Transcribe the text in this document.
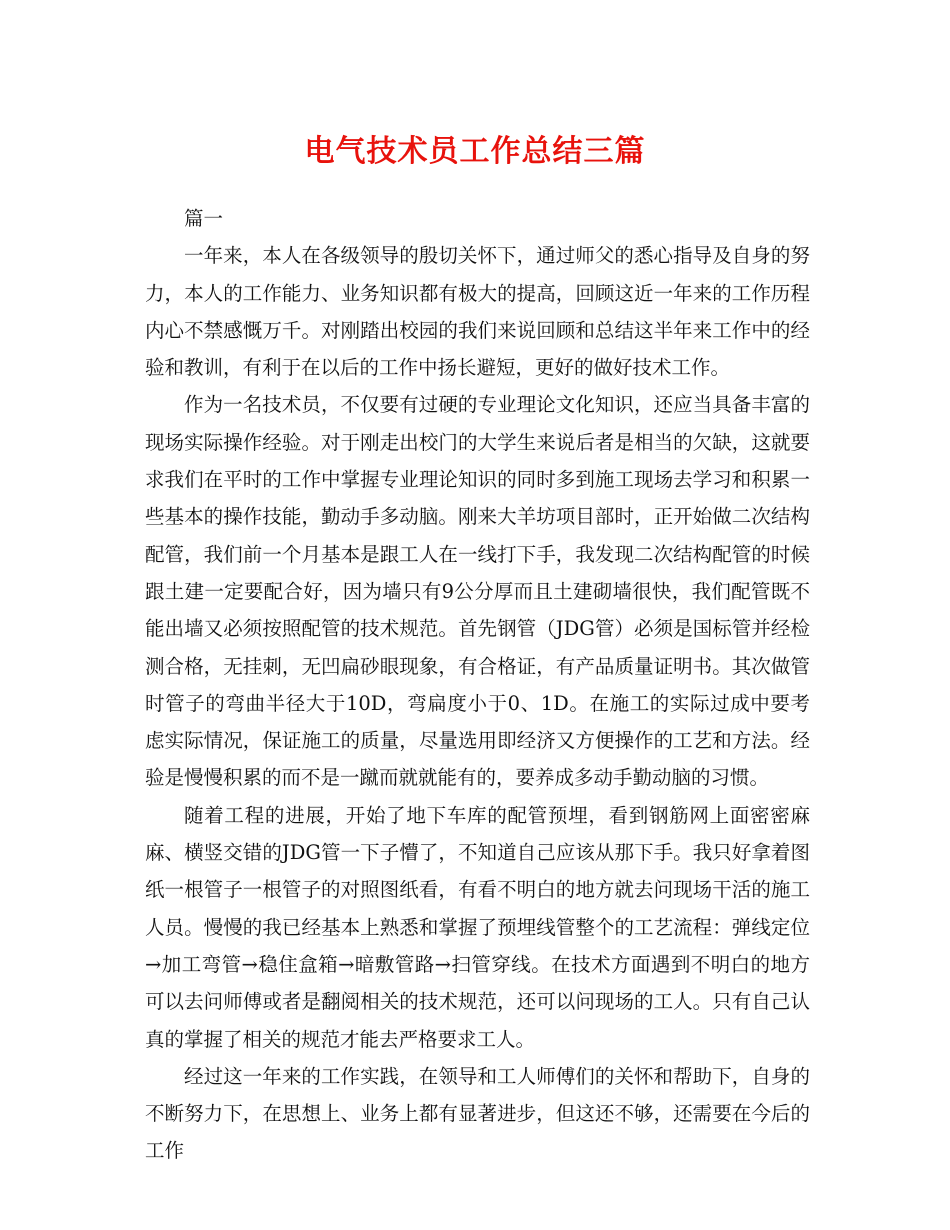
电气技术员工作总结三篇

篇一

一年来，本人在各级领导的殷切关怀下，通过师父的悉心指导及自身的努力，本人的工作能力、业务知识都有极大的提高，回顾这近一年来的工作历程内心不禁感慨万千。对刚踏出校园的我们来说回顾和总结这半年来工作中的经验和教训，有利于在以后的工作中扬长避短，更好的做好技术工作。

作为一名技术员，不仅要有过硬的专业理论文化知识，还应当具备丰富的现场实际操作经验。对于刚走出校门的大学生来说后者是相当的欠缺，这就要求我们在平时的工作中掌握专业理论知识的同时多到施工现场去学习和积累一些基本的操作技能，勤动手多动脑。刚来大羊坊项目部时，正开始做二次结构配管，我们前一个月基本是跟工人在一线打下手，我发现二次结构配管的时候跟土建一定要配合好，因为墙只有9公分厚而且土建砌墙很快，我们配管既不能出墙又必须按照配管的技术规范。首先钢管（JDG管）必须是国标管并经检测合格，无挂刺，无凹扁砂眼现象，有合格证，有产品质量证明书。其次做管时管子的弯曲半径大于10D，弯扁度小于0、1D。在施工的实际过成中要考虑实际情况，保证施工的质量，尽量选用即经济又方便操作的工艺和方法。经验是慢慢积累的而不是一蹴而就就能有的，要养成多动手勤动脑的习惯。

随着工程的进展，开始了地下车库的配管预埋，看到钢筋网上面密密麻麻、横竖交错的JDG管一下子懵了，不知道自己应该从那下手。我只好拿着图纸一根管子一根管子的对照图纸看，有看不明白的地方就去问现场干活的施工人员。慢慢的我已经基本上熟悉和掌握了预埋线管整个的工艺流程：弹线定位→加工弯管→稳住盒箱→暗敷管路→扫管穿线。在技术方面遇到不明白的地方可以去问师傅或者是翻阅相关的技术规范，还可以问现场的工人。只有自己认真的掌握了相关的规范才能去严格要求工人。

经过这一年来的工作实践，在领导和工人师傅们的关怀和帮助下，自身的不断努力下，在思想上、业务上都有显著进步，但这还不够，还需要在今后的工作
